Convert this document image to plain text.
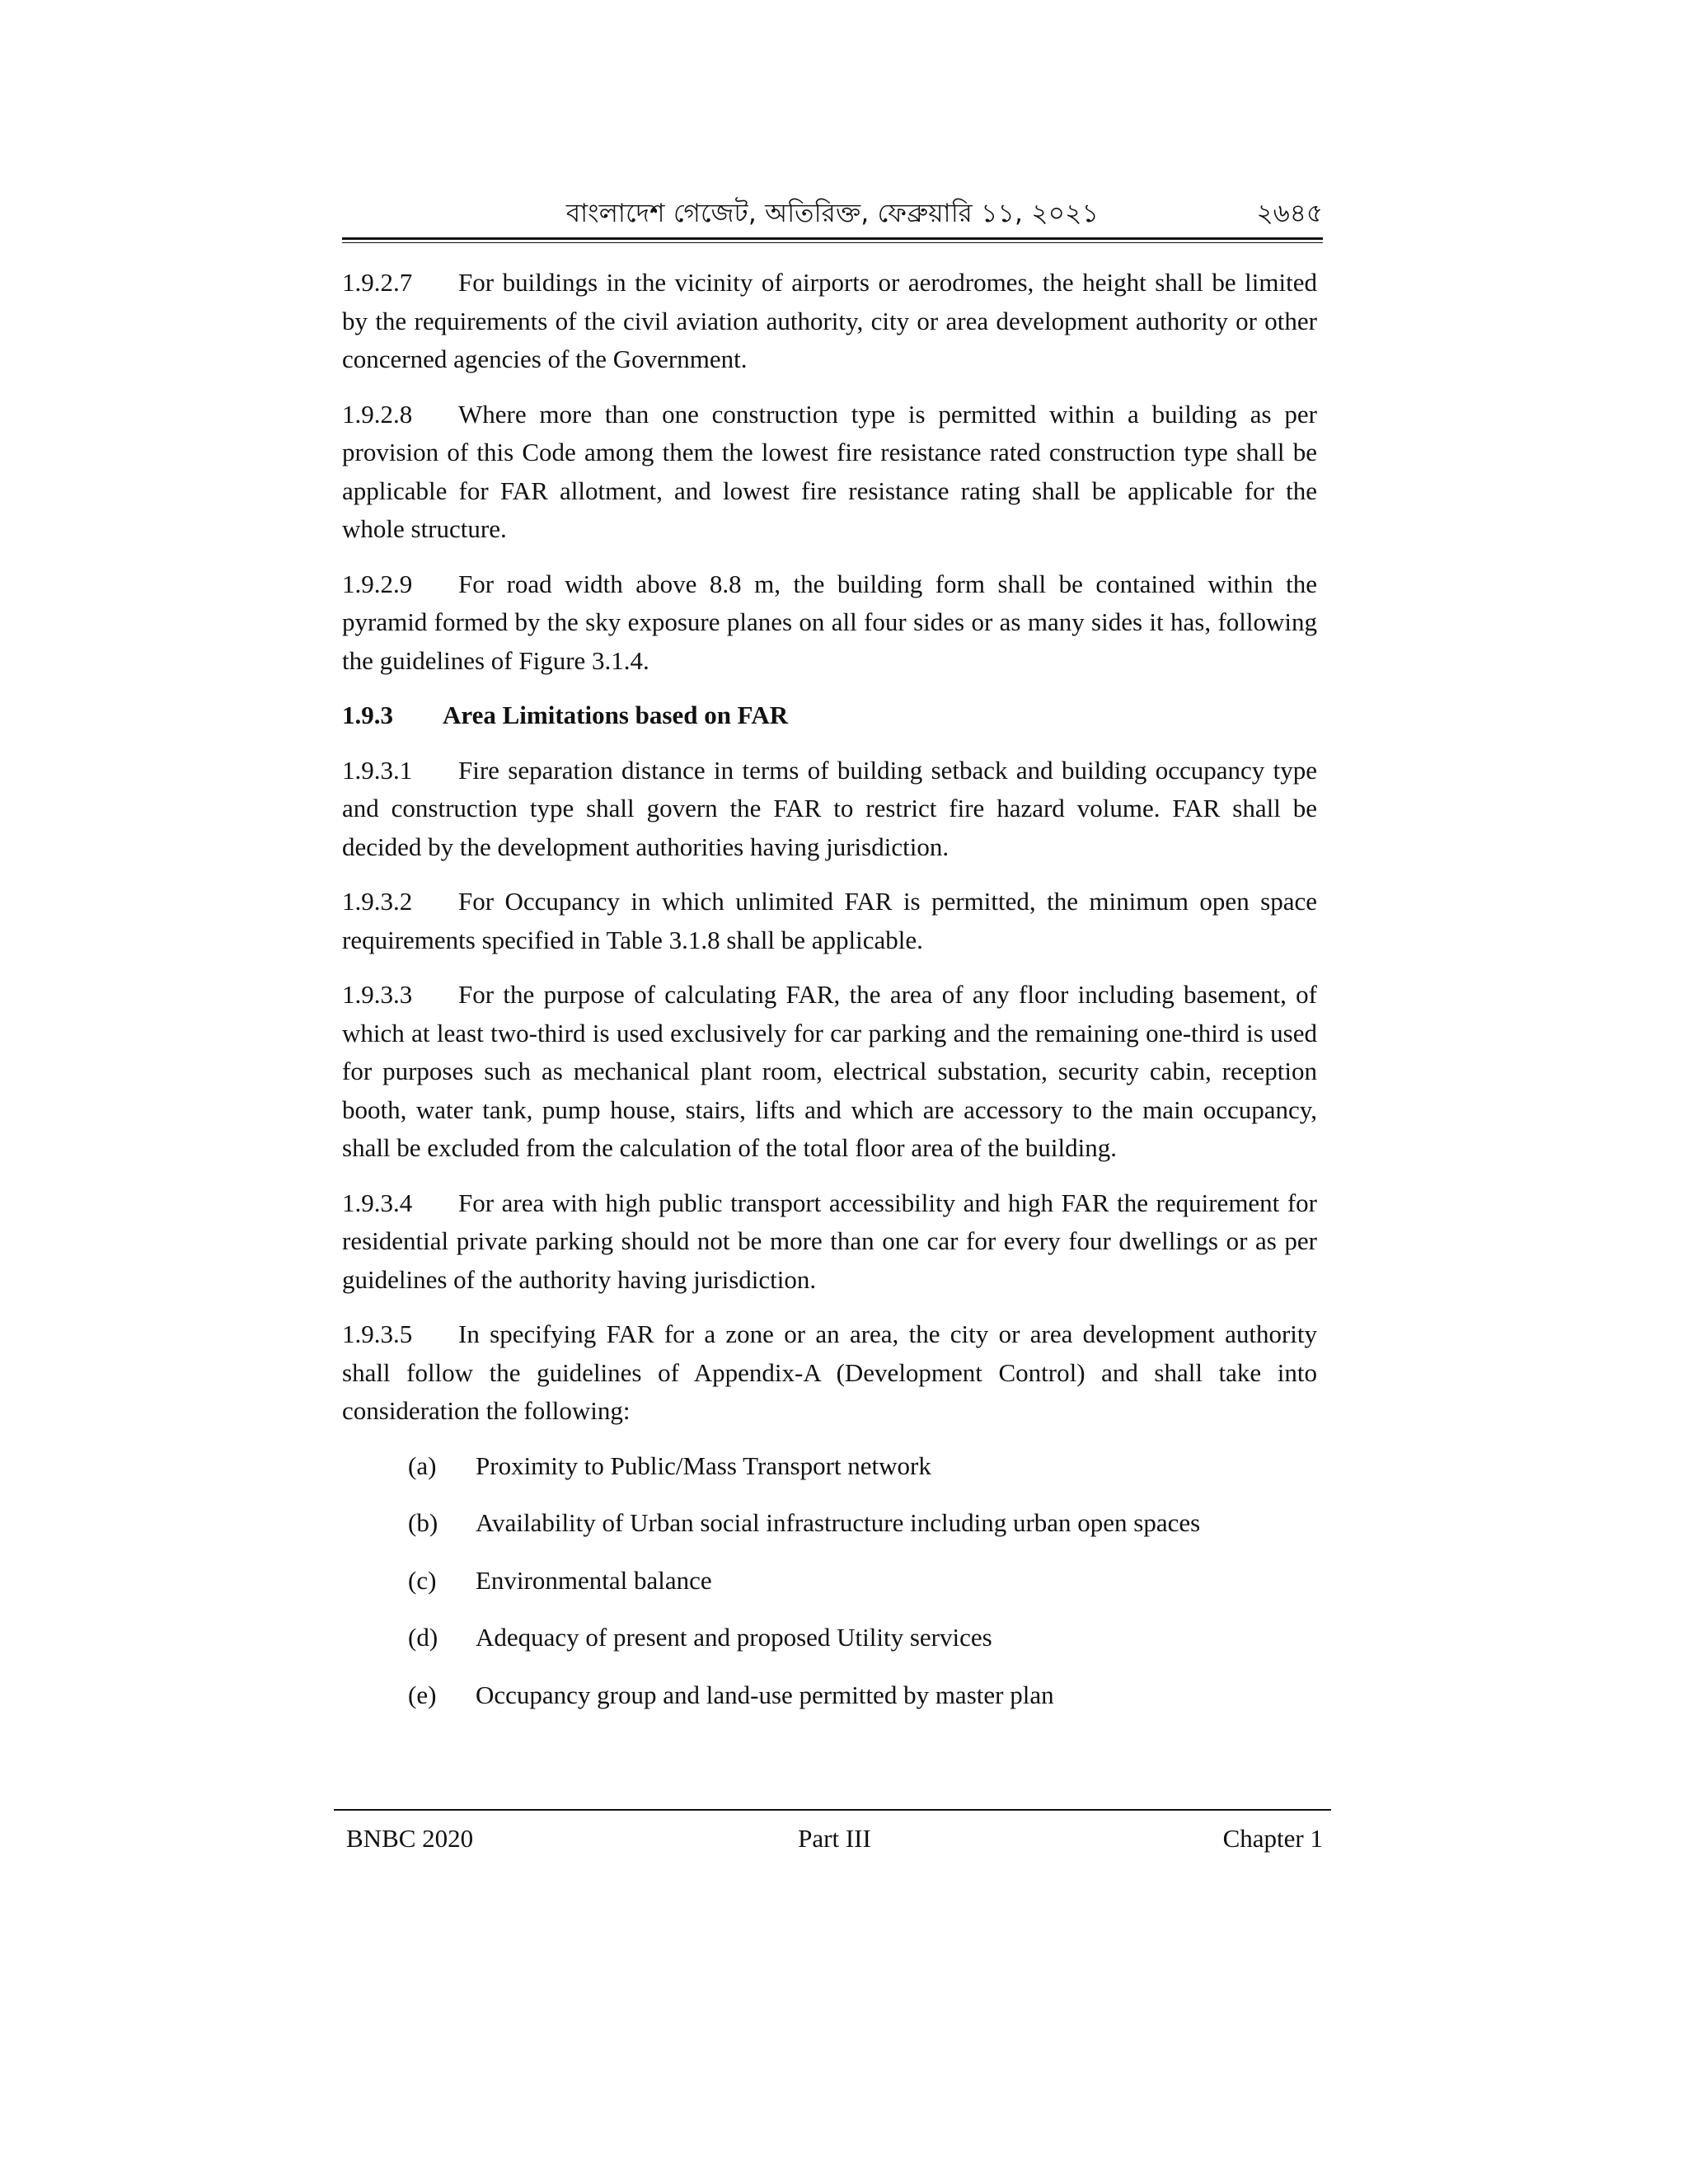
বাংলাদেশ গেজেট, অতিরিক্ত, ফেব্রুয়ারি ১১, ২০২১	২৬৪৫

1.9.2.7 For buildings in the vicinity of airports or aerodromes, the height shall be limited by the requirements of the civil aviation authority, city or area development authority or other concerned agencies of the Government.

1.9.2.8 Where more than one construction type is permitted within a building as per provision of this Code among them the lowest fire resistance rated construction type shall be applicable for FAR allotment, and lowest fire resistance rating shall be applicable for the whole structure.

1.9.2.9 For road width above 8.8 m, the building form shall be contained within the pyramid formed by the sky exposure planes on all four sides or as many sides it has, following the guidelines of Figure 3.1.4.

1.9.3 Area Limitations based on FAR

1.9.3.1 Fire separation distance in terms of building setback and building occupancy type and construction type shall govern the FAR to restrict fire hazard volume. FAR shall be decided by the development authorities having jurisdiction.

1.9.3.2 For Occupancy in which unlimited FAR is permitted, the minimum open space requirements specified in Table 3.1.8 shall be applicable.

1.9.3.3 For the purpose of calculating FAR, the area of any floor including basement, of which at least two-third is used exclusively for car parking and the remaining one-third is used for purposes such as mechanical plant room, electrical substation, security cabin, reception booth, water tank, pump house, stairs, lifts and which are accessory to the main occupancy, shall be excluded from the calculation of the total floor area of the building.

1.9.3.4 For area with high public transport accessibility and high FAR the requirement for residential private parking should not be more than one car for every four dwellings or as per guidelines of the authority having jurisdiction.

1.9.3.5 In specifying FAR for a zone or an area, the city or area development authority shall follow the guidelines of Appendix-A (Development Control) and shall take into consideration the following:

(a)	Proximity to Public/Mass Transport network
(b)	Availability of Urban social infrastructure including urban open spaces
(c)	Environmental balance
(d)	Adequacy of present and proposed Utility services
(e)	Occupancy group and land-use permitted by master plan
BNBC 2020	Part III	Chapter 1
